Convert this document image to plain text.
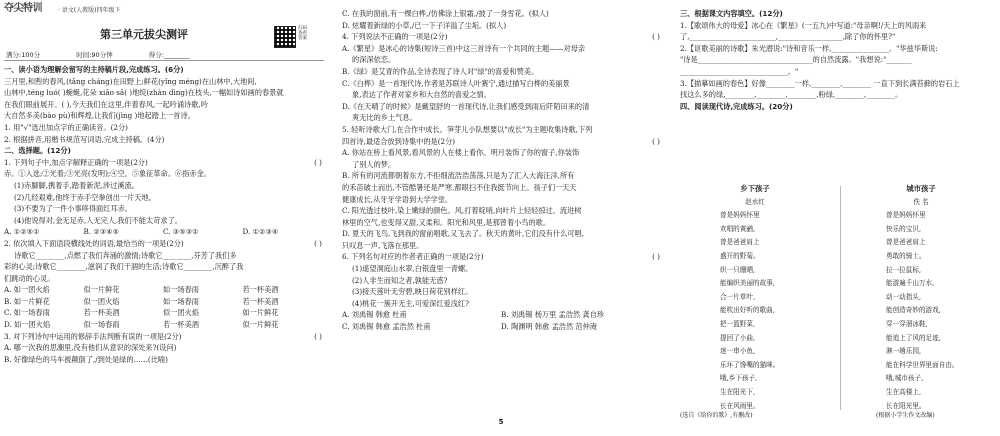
夺尖特训	· 语文(人教版)四年级下
第三单元拔尖测评	扫码查看答案
满分:100分	时间:90分钟	得分:________
一、读小语为理解会留写的主持稿片段,完成练习。(6分)
三月里,和煦的春风,(tǎng cháng)在田野上;鲜花(yǐng méng)在山林中,大地间,
山林中,téng luó( )蜿蜒,花朵 xiāo sǎ( )地绽(zhàn dìng)在枝头,一幅如诗如画的春景就
在我们眼前展开。( ),今天我们在这里,伴着春风,一起吟诵诗歌,吟
大自然多美(bào pù)和辉煌,让我们(jìng )地起踏上一首诗。
1. 用"√"选出加点字的正确读音。(2分)
2. 根据拼音,用楷书规范写词语,完成主持稿。(4分)
二、选择题。(12分)
( )
1. 下列句子中,加点字解释正确的一项是(2分)
赤。①入选;②光着;③光亮(发明);④空。⑤象征革命。⑥指赤金。
(1)赤脚脚,携着手,踏着新泥,涉过溪流。
(2)几经艰难,他终于赤手空拳创出一片天地。
(3)不要为了一件小事哆得面红耳赤。
(4)他说得对,金无足赤,人无完人,我们不能太苛求了。
A. ①②⑤①	B. ②③④⑤	C. ③⑤③①	D. ①②③④
( )
2. 依次填入下面语段横线处的词语,最恰当的一项是(2分)
诗歌它________,点燃了我们奔涌的激情;诗歌它________,芬芳了我们多
彩的心灵;诗歌它________,滋润了我们干涸的生活;诗歌它________,沉醉了我
们跳动的心灵。
A. 如一团火焰	似一片鲜花	如一场春雨	若一杯美酒
B. 如一片鲜花	似一团火焰	如一场春雨	若一杯美酒
C. 如一场春雨	若一杯美酒	似一团火焰	如一片鲜花
D. 如一团火焰	似一场春雨	若一杯美酒	似一片鲜花
( )
3. 对下列诗句中运用的修辞手法判断有误的一项是(2分)
A. 哪一次我的思潮里,没有他们从意识的深处来?(设问)
B. 好像绿色的马车被颠倒了,/到处是绿的……(比喻)
C. 在我的窗前,有一棵白桦,/仿佛涂上银霜,/披了一身雪花。(拟人)
D. 炫耀着新绿的小草,/已一下子洋溢了尘垢。(拟人)
( )
4. 下列说法不正确的一项是(2分)
A.《繁星》是冰心的诗集(短诗三首)中这三首诗有一个共同的主题——对母亲
的深深依恋。
B.《绿》是艾青的作品,全诗表现了诗人对"绿"的喜爱和赞美。
C.《白桦》是一首现代诗,作者是苏联诗人叶赛宁,通过描写白桦的美丽景
象,表达了作者对家乡和大自然的喜爱之情。
D.《在天晴了的时候》是戴望舒的一首现代诗,让我们感受到雨后阡陌田来的清
爽无比的乡土气息。
5. 轻听诗歌大门,在合作中成长。笋芽儿小队想要以"成长"为主题收集诗歌,下列
( )
四首诗,最适合放到诗集中的是(2分)
A. 你站在桥上看风景,看风景的人在楼上看你。明月装饰了你的窗子,你装饰
了别人的梦。
B. 所有的河流都朝着东方,不拒细流浩浩荡荡,只是为了汇入大海汪洋,所有
的禾苗破土而出,不管酷暑还是严寒,都眼扫不住我挺节向上。孩子们一天天
健康成长,从牙牙学语到大学学堂。
C. 阳光透过枝叶,染上嫩绿的颜色。风,打着啶哨,向叶片上轻轻掠过。流进树
林里的空气,也变得又甜,又柔和。阳光和风里,是那曾着小鸟的歌。
D. 夏天的飞鸟,飞到我的窗前唱歌,又飞去了。秋天的黄叶,它们没有什么可唱,
只叹息一声,飞落在那里。
( )
6. 下列名句对应的作者者正确的一项是(2分)
(1)遥望洞庭山水翠,白银盘里一青螺。
(2)人非生而知之者,孰能无惑?
(3)接天莲叶无穷碧,映日荷花别样红。
(4)桃花一簇开无主,可爱深红爱浅红?
A. 刘禹锡 韩愈 杜甫	B. 刘禹锡 杨万里 孟浩然 龚自珍
C. 刘禹锡 韩愈 孟浩然 杜甫	D. 陶渊明 韩愈 孟浩然 范仲淹
5
三、根据课文内容填空。(12分)
1.【歌颂伟大的母爱】冰心在《繁星》(一五九)中写道:"母亲啊!/天上的风雨来
了,________________________,__________________,除了你的怀里?"
2.【讴歌美丽的诗歌】朱光潜说:"诗和音乐一样,________________。"华兹华斯说:
"诗是________________________________的自然流露。"我想说:"_______
______________________________。"
3.【描摹如画的春色】好像________一样,________,________ 一直下到长满苔藓的岩石上
找这么多的绿,________,________,________,粉绿,________,________。
四、阅读现代诗,完成练习。(20分)
乡下孩子
赵水红
曾是妈妈怀里
欢唱的黄鹂,
曾是爸爸肩上
盛开的野菊。
织一只绷晒,
能编织美丽的故事,
合一片草叶,
能吹出好听的歌曲,
把一篮野菜,
提回了小曲,
迷一串小鱼,
乐坏了馋嘴的猫咪。
哦,乡下孩子,
生在阳光下,
长在风雨里。
城市孩子
佚 名
曾是妈妈怀里
快乐的宝贝,
曾是爸爸肩上
勇敢的骑士。
拉一拉鼠标,
能游遍千山万水,
动一动指头,
能创造奇妙的游戏,
穿一穿溜冰鞋,
能追上了风的足迹,
淋一趟乐园,
能在科学世界里面自由。
哦,城市孩子,
生在高楼上,
长在阳光里。
(选自《给你的歌》,有删改)	(根据小学生作文改编)
